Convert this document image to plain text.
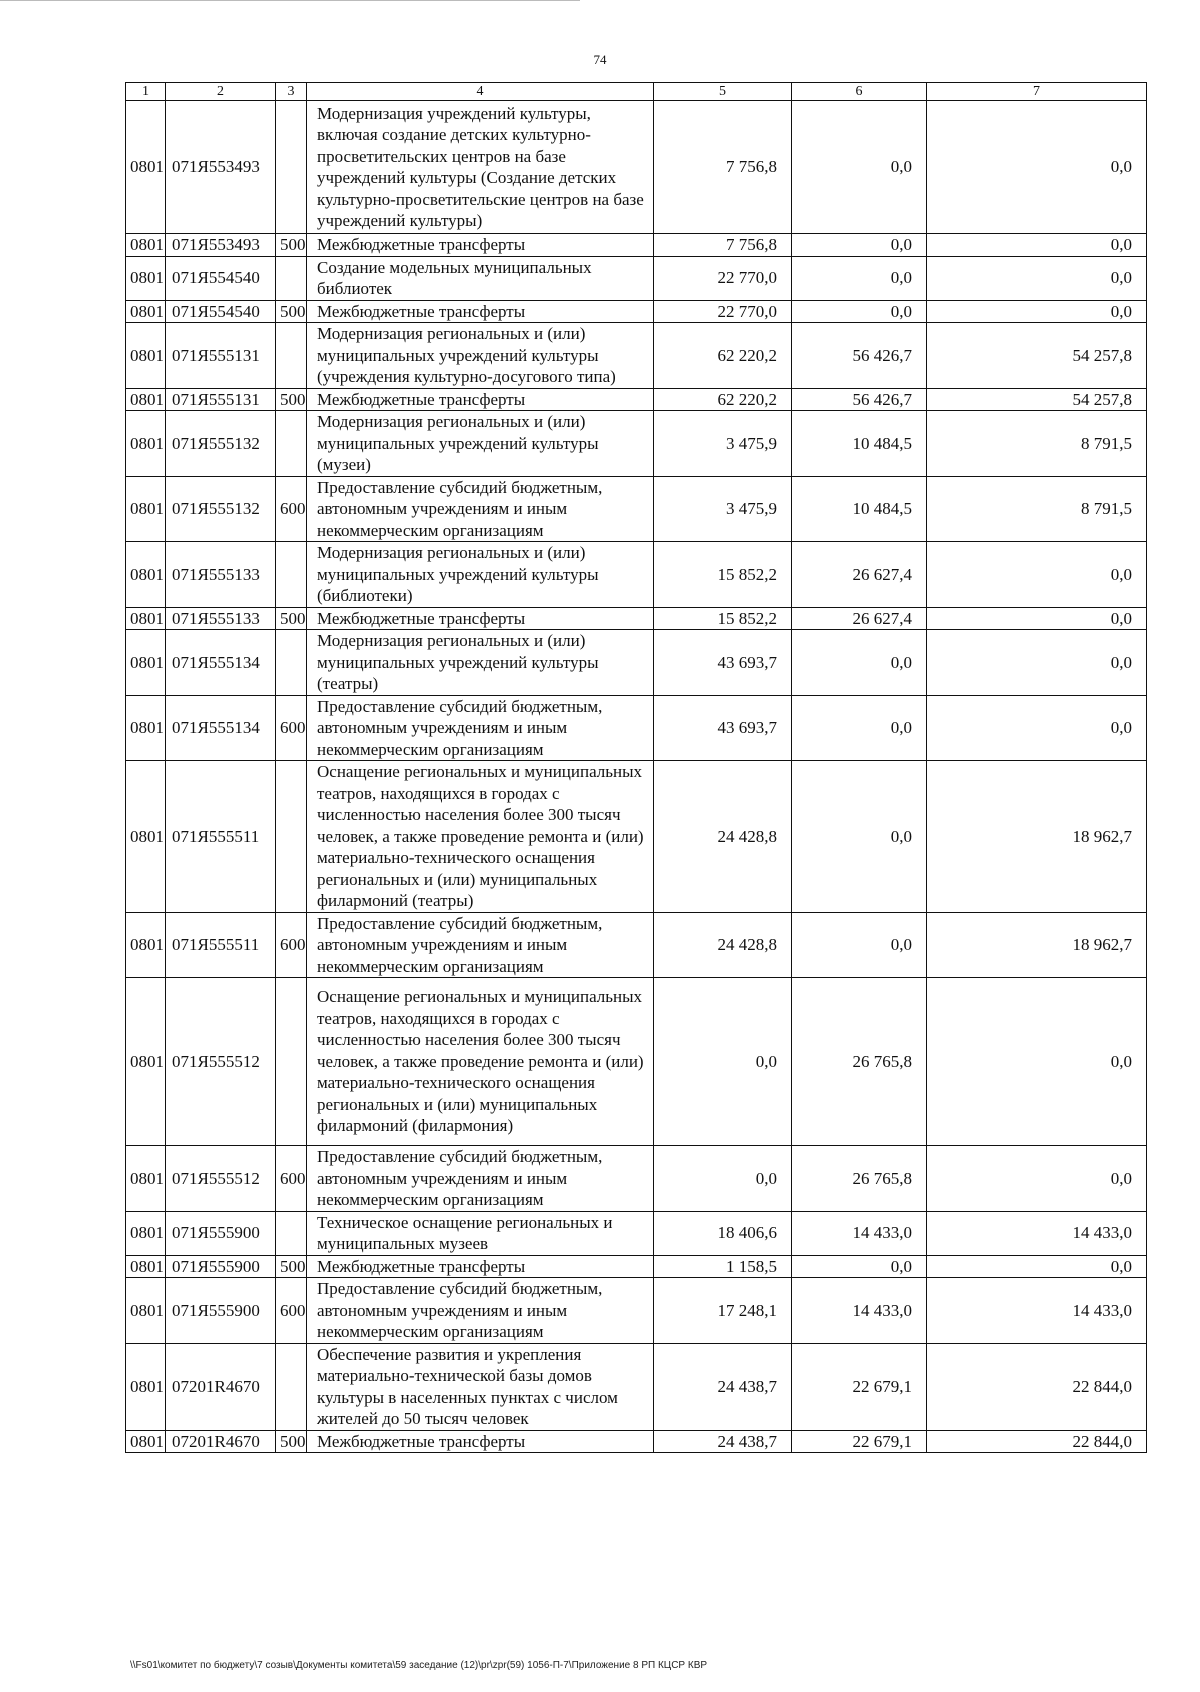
74
1	2	3	4	5	6	7
0801	071Я553493		Модернизация учреждений культуры, включая создание детских культурно-просветительских центров на базе учреждений культуры (Создание детских культурно-просветительские центров на базе учреждений культуры)	7 756,8	0,0	0,0
0801	071Я553493	500	Межбюджетные трансферты	7 756,8	0,0	0,0
0801	071Я554540		Создание модельных муниципальных библиотек	22 770,0	0,0	0,0
0801	071Я554540	500	Межбюджетные трансферты	22 770,0	0,0	0,0
0801	071Я555131		Модернизация региональных и (или) муниципальных учреждений культуры (учреждения культурно-досугового типа)	62 220,2	56 426,7	54 257,8
0801	071Я555131	500	Межбюджетные трансферты	62 220,2	56 426,7	54 257,8
0801	071Я555132		Модернизация региональных и (или) муниципальных учреждений культуры (музеи)	3 475,9	10 484,5	8 791,5
0801	071Я555132	600	Предоставление субсидий бюджетным, автономным учреждениям и иным некоммерческим организациям	3 475,9	10 484,5	8 791,5
0801	071Я555133		Модернизация региональных и (или) муниципальных учреждений культуры (библиотеки)	15 852,2	26 627,4	0,0
0801	071Я555133	500	Межбюджетные трансферты	15 852,2	26 627,4	0,0
0801	071Я555134		Модернизация региональных и (или) муниципальных учреждений культуры (театры)	43 693,7	0,0	0,0
0801	071Я555134	600	Предоставление субсидий бюджетным, автономным учреждениям и иным некоммерческим организациям	43 693,7	0,0	0,0
0801	071Я555511		Оснащение региональных и муниципальных театров, находящихся в городах с численностью населения более 300 тысяч человек, а также проведение ремонта и (или) материально-технического оснащения региональных и (или) муниципальных филармоний (театры)	24 428,8	0,0	18 962,7
0801	071Я555511	600	Предоставление субсидий бюджетным, автономным учреждениям и иным некоммерческим организациям	24 428,8	0,0	18 962,7
0801	071Я555512		Оснащение региональных и муниципальных театров, находящихся в городах с численностью населения более 300 тысяч человек, а также проведение ремонта и (или) материально-технического оснащения региональных и (или) муниципальных филармоний (филармония)	0,0	26 765,8	0,0
0801	071Я555512	600	Предоставление субсидий бюджетным, автономным учреждениям и иным некоммерческим организациям	0,0	26 765,8	0,0
0801	071Я555900		Техническое оснащение региональных и муниципальных музеев	18 406,6	14 433,0	14 433,0
0801	071Я555900	500	Межбюджетные трансферты	1 158,5	0,0	0,0
0801	071Я555900	600	Предоставление субсидий бюджетным, автономным учреждениям и иным некоммерческим организациям	17 248,1	14 433,0	14 433,0
0801	07201R4670		Обеспечение развития и укрепления материально-технической базы домов культуры в населенных пунктах с числом жителей до 50 тысяч человек	24 438,7	22 679,1	22 844,0
0801	07201R4670	500	Межбюджетные трансферты	24 438,7	22 679,1	22 844,0
\\Fs01\комитет по бюджету\7 созыв\Документы комитета\59 заседание (12)\pr\zpr(59) 1056-П-7\Приложение 8 РП КЦСР КВР
